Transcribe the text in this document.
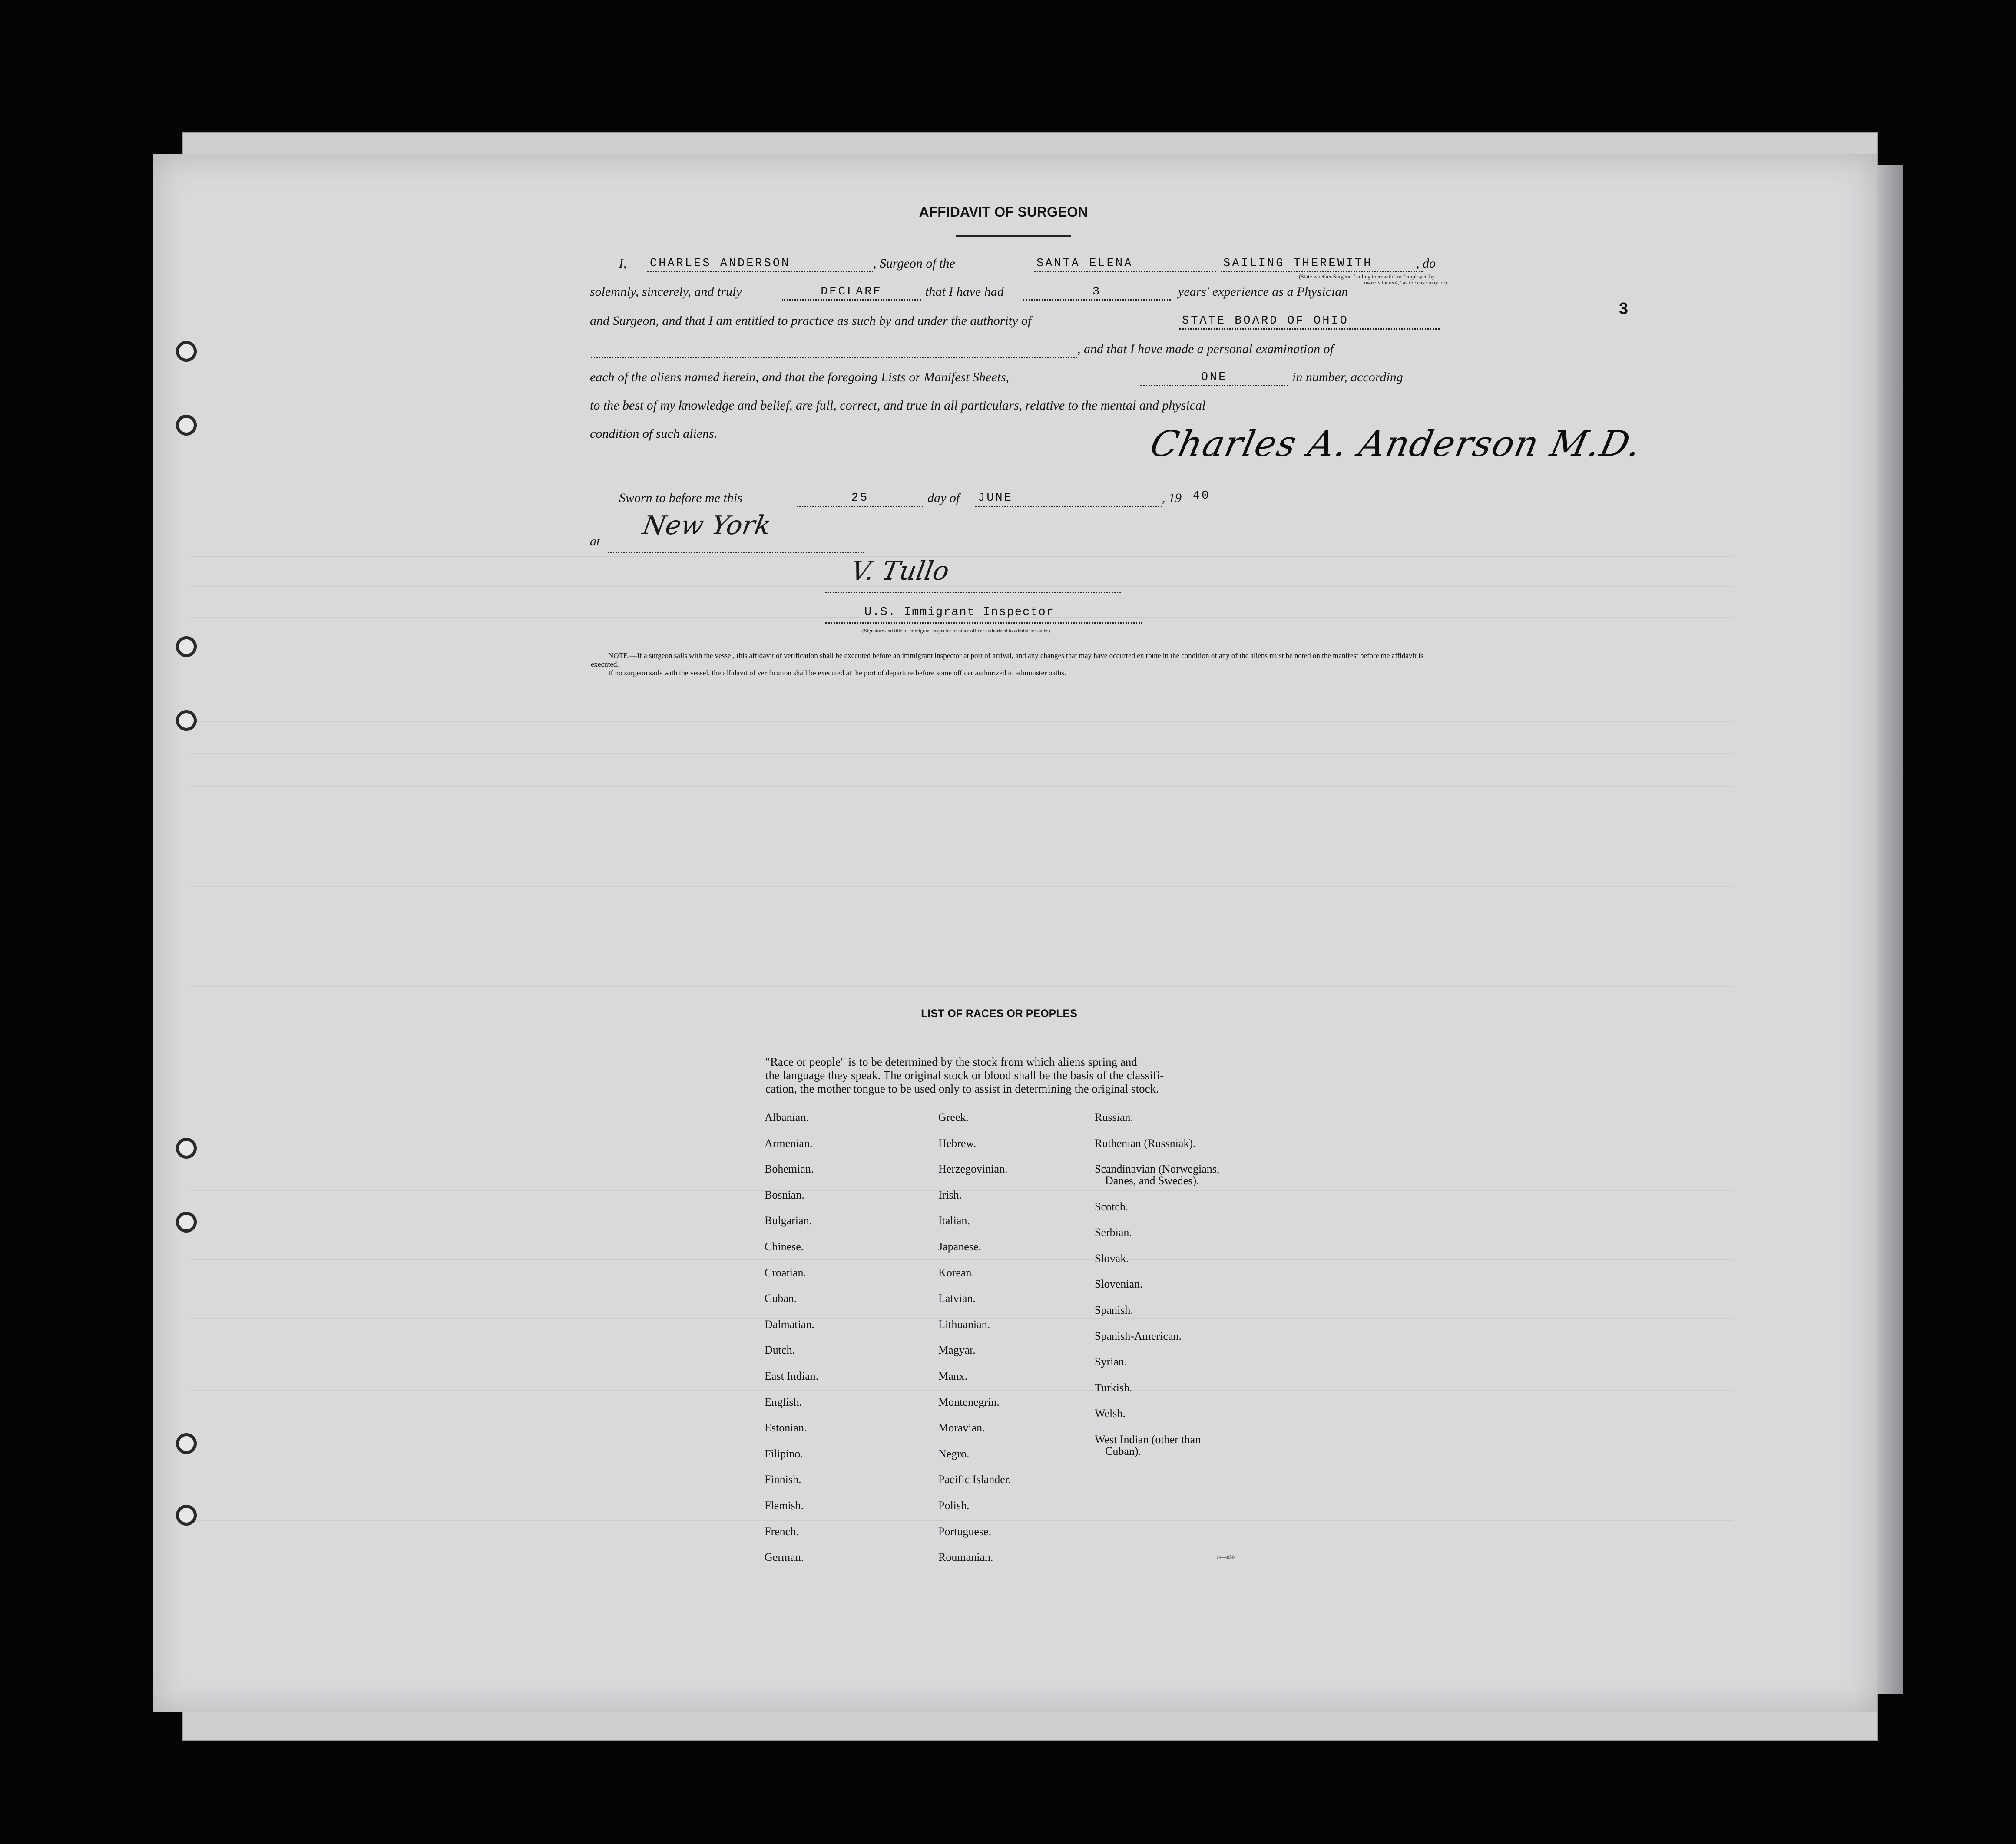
AFFIDAVIT OF SURGEON
I, CHARLES ANDERSON	, Surgeon of the	SANTA ELENA	SAILING THEREWITH	, do
(State whether Surgeon "sailing therewith" or "employed by
owners thereof," as the case may be)
solemnly, sincerely, and truly	DECLARE	that I have had	3	years' experience as a Physician
and Surgeon, and that I am entitled to practice as such by and under the authority of	STATE BOARD OF OHIO
, and that I have made a personal examination of
each of the aliens named herein, and that the foregoing Lists or Manifest Sheets,	ONE	in number, according
to the best of my knowledge and belief, are full, correct, and true in all particulars, relative to the mental and physical
condition of such aliens.	Charles A. Anderson M.D.
Sworn to before me this	25	day of JUNE	, 19 40
at
New York
V. Tullo
U.S. Immigrant Inspector
(Signature and title of immigrant inspector or other officer authorized to administer oaths)

NOTE.—If a surgeon sails with the vessel, this affidavit of verification shall be executed before an immigrant inspector at port of arrival, and any changes that may have occurred en route in the condition of any of the aliens must be noted on the manifest before the affidavit is executed.

If no surgeon sails with the vessel, the affidavit of verification shall be executed at the port of departure before some officer authorized to administer oaths.

3
LIST OF RACES OR PEOPLES
"Race or people" is to be determined by the stock from which aliens spring and
the language they speak. The original stock or blood shall be the basis of the classifi-
cation, the mother tongue to be used only to assist in determining the original stock.
Albanian.
Armenian.
Bohemian.
Bosnian.
Bulgarian.
Chinese.
Croatian.
Cuban.
Dalmatian.
Dutch.
East Indian.
English.
Estonian.
Filipino.
Finnish.
Flemish.
French.
German.
Greek.
Hebrew.
Herzegovinian.
Irish.
Italian.
Japanese.
Korean.
Latvian.
Lithuanian.
Magyar.
Manx.
Montenegrin.
Moravian.
Negro.
Pacific Islander.
Polish.
Portuguese.
Roumanian.
Russian.
Ruthenian (Russniak).
Scandinavian (Norwegians,
Danes, and Swedes).
Scotch.
Serbian.
Slovak.
Slovenian.
Spanish.
Spanish-American.
Syrian.
Turkish.
Welsh.
West Indian (other than
Cuban).
14—830
